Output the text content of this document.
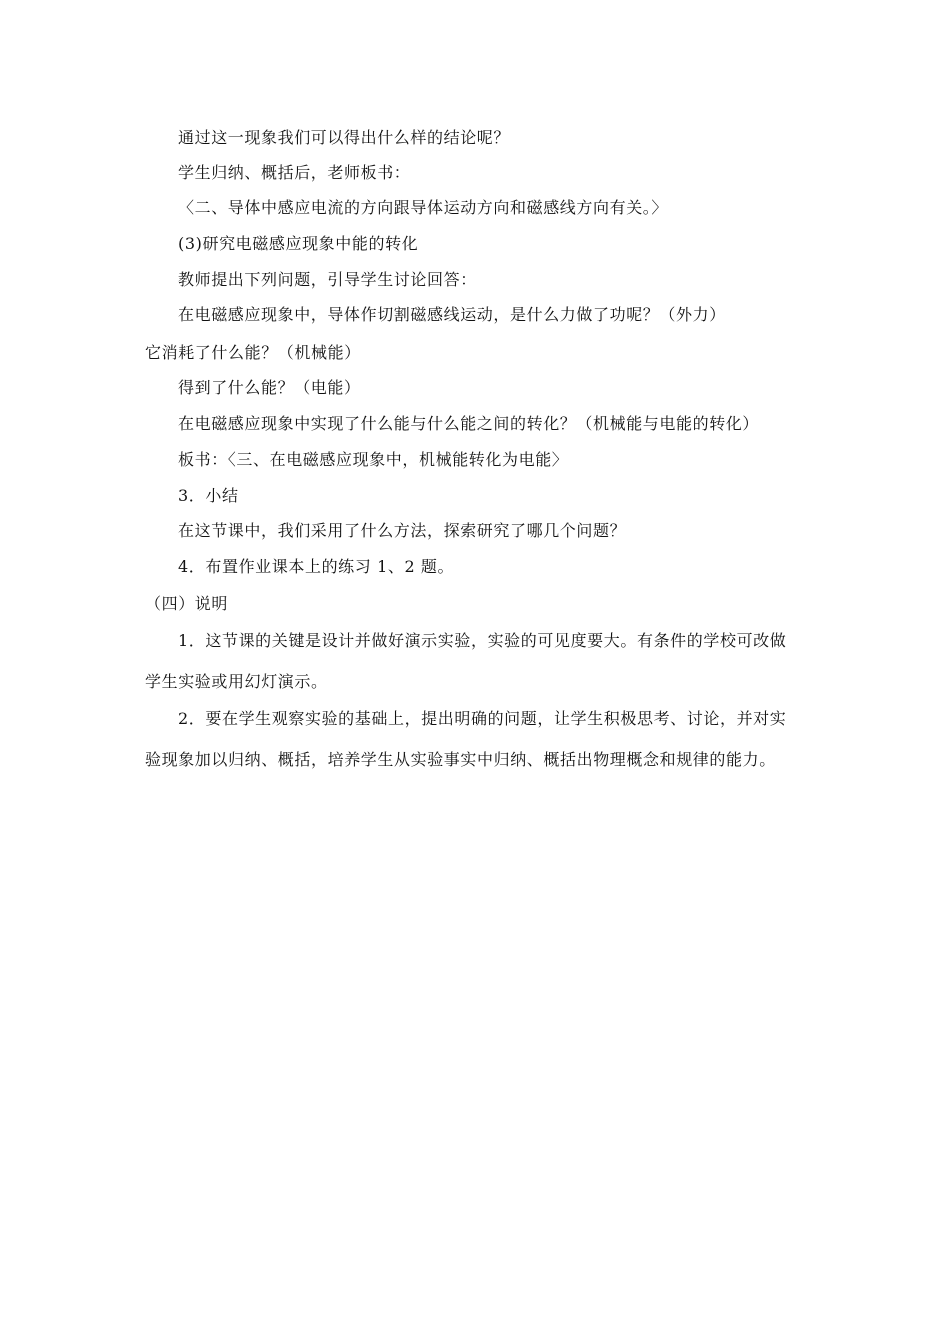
通过这一现象我们可以得出什么样的结论呢？
学生归纳、概括后，老师板书：
〈二、导体中感应电流的方向跟导体运动方向和磁感线方向有关。〉
(3)研究电磁感应现象中能的转化
教师提出下列问题，引导学生讨论回答：
在电磁感应现象中，导体作切割磁感线运动，是什么力做了功呢？（外力）
它消耗了什么能？（机械能）
得到了什么能？（电能）
在电磁感应现象中实现了什么能与什么能之间的转化？（机械能与电能的转化）
板书：〈三、在电磁感应现象中，机械能转化为电能〉
3．小结
在这节课中，我们采用了什么方法，探索研究了哪几个问题？
4．布置作业课本上的练习 1、2 题。
（四）说明
1．这节课的关键是设计并做好演示实验，实验的可见度要大。有条件的学校可改做
学生实验或用幻灯演示。
2．要在学生观察实验的基础上，提出明确的问题，让学生积极思考、讨论，并对实
验现象加以归纳、概括，培养学生从实验事实中归纳、概括出物理概念和规律的能力。
